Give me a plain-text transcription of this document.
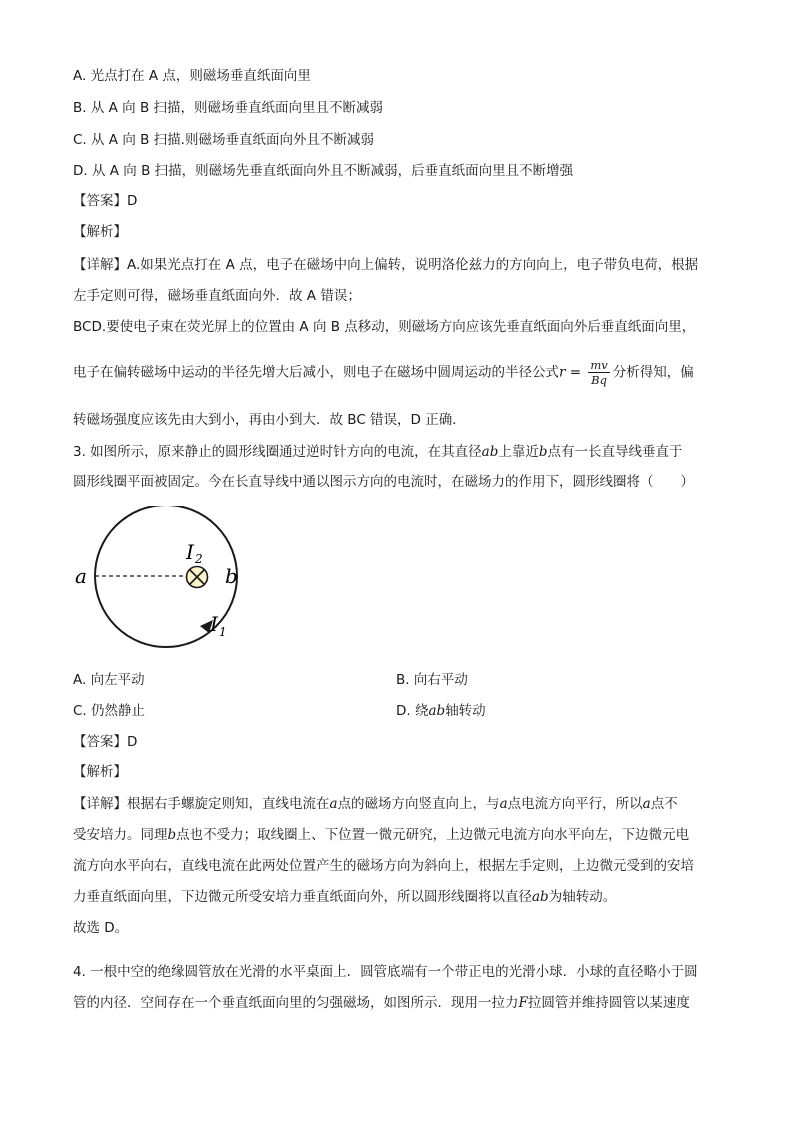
A. 光点打在 A 点，则磁场垂直纸面向里
B. 从 A 向 B 扫描，则磁场垂直纸面向里且不断减弱
C. 从 A 向 B 扫描.则磁场垂直纸面向外且不断减弱
D. 从 A 向 B 扫描，则磁场先垂直纸面向外且不断减弱，后垂直纸面向里且不断增强
【答案】D
【解析】
【详解】A.如果光点打在 A 点，电子在磁场中向上偏转，说明洛伦兹力的方向向上，电子带负电荷，根据
左手定则可得，磁场垂直纸面向外．故 A 错误；
BCD.要使电子束在荧光屏上的位置由 A 向 B 点移动，则磁场方向应该先垂直纸面向外后垂直纸面向里，
电子在偏转磁场中运动的半径先增大后减小，则电子在磁场中圆周运动的半径公式$r = \frac{mv}{Bq}$ 分析得知，偏
转磁场强度应该先由大到小，再由小到大．故 BC 错误，D 正确．
3. 如图所示，原来静止的圆形线圈通过逆时针方向的电流，在其直径ab上靠近b点有一长直导线垂直于
圆形线圈平面被固定。今在长直导线中通以图示方向的电流时，在磁场力的作用下，圆形线圈将（　　）
a	b
I 2
I 1
A. 向左平动	B. 向右平动
C. 仍然静止	D. 绕ab轴转动
【答案】D
【解析】
【详解】根据右手螺旋定则知，直线电流在a点的磁场方向竖直向上，与a点电流方向平行，所以a点不
受安培力。同理b点也不受力；取线圈上、下位置一微元研究，上边微元电流方向水平向左，下边微元电
流方向水平向右，直线电流在此两处位置产生的磁场方向为斜向上，根据左手定则，上边微元受到的安培
力垂直纸面向里，下边微元所受安培力垂直纸面向外，所以圆形线圈将以直径ab为轴转动。
故选 D。
4. 一根中空的绝缘圆管放在光滑的水平桌面上．圆管底端有一个带正电的光滑小球．小球的直径略小于圆
管的内径．空间存在一个垂直纸面向里的匀强磁场，如图所示．现用一拉力F拉圆管并维持圆管以某速度
